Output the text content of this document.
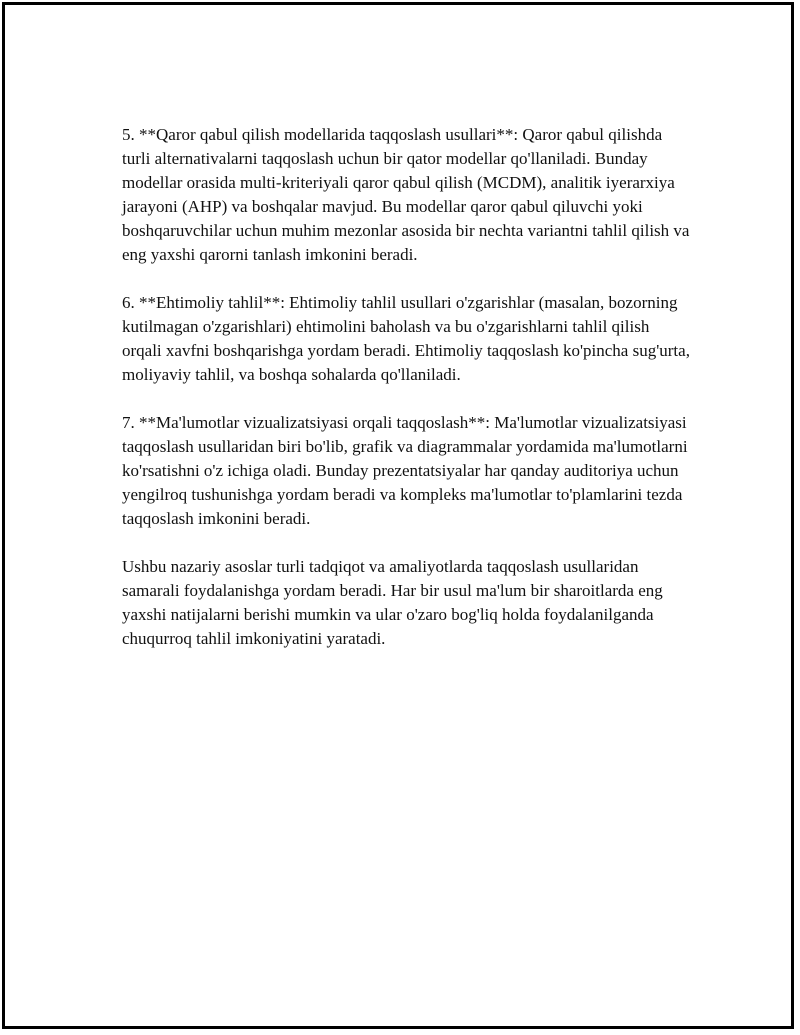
5. **Qaror qabul qilish modellarida taqqoslash usullari**: Qaror qabul qilishda turli alternativalarni taqqoslash uchun bir qator modellar qo'llaniladi. Bunday modellar orasida multi-kriteriyali qaror qabul qilish (MCDM), analitik iyerarxiya jarayoni (AHP) va boshqalar mavjud. Bu modellar qaror qabul qiluvchi yoki boshqaruvchilar uchun muhim mezonlar asosida bir nechta variantni tahlil qilish va eng yaxshi qarorni tanlash imkonini beradi.

6. **Ehtimoliy tahlil**: Ehtimoliy tahlil usullari o'zgarishlar (masalan, bozorning kutilmagan o'zgarishlari) ehtimolini baholash va bu o'zgarishlarni tahlil qilish orqali xavfni boshqarishga yordam beradi. Ehtimoliy taqqoslash ko'pincha sug'urta, moliyaviy tahlil, va boshqa sohalarda qo'llaniladi.

7. **Ma'lumotlar vizualizatsiyasi orqali taqqoslash**: Ma'lumotlar vizualizatsiyasi taqqoslash usullaridan biri bo'lib, grafik va diagrammalar yordamida ma'lumotlarni ko'rsatishni o'z ichiga oladi. Bunday prezentatsiyalar har qanday auditoriya uchun yengilroq tushunishga yordam beradi va kompleks ma'lumotlar to'plamlarini tezda taqqoslash imkonini beradi.

Ushbu nazariy asoslar turli tadqiqot va amaliyotlarda taqqoslash usullaridan samarali foydalanishga yordam beradi. Har bir usul ma'lum bir sharoitlarda eng yaxshi natijalarni berishi mumkin va ular o'zaro bog'liq holda foydalanilganda chuqurroq tahlil imkoniyatini yaratadi.
